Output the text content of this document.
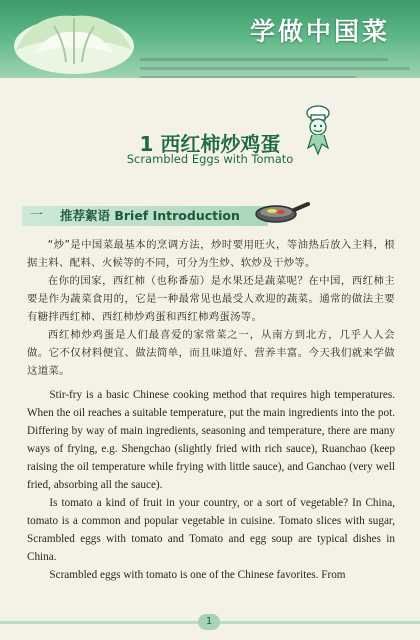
学做中国菜
1 西红柿炒鸡蛋
Scrambled Eggs with Tomato
一 推荐絮语 Brief Introduction

“炒”是中国菜最基本的烹调方法，炒时要用旺火，等油热后放入主料，根据主料、配料、火候等的不同，可分为生炒、软炒及干炒等。

在你的国家，西红柿（也称番茄）是水果还是蔬菜呢？在中国，西红柿主要是作为蔬菜食用的，它是一种最常见也最受人欢迎的蔬菜。通常的做法主要有糖拌西红柿、西红柿炒鸡蛋和西红柿鸡蛋汤等。

西红柿炒鸡蛋是人们最喜爱的家常菜之一，从南方到北方，几乎人人会做。它不仅材料便宜、做法简单，而且味道好、营养丰富。今天我们就来学做这道菜。

Stir-fry is a basic Chinese cooking method that requires high temperatures. When the oil reaches a suitable temperature, put the main ingredients into the pot. Differing by way of main ingredients, seasoning and temperature, there are many ways of frying, e.g. Shengchao (slightly fried with rich sauce), Ruanchao (keep raising the oil temperature while frying with little sauce), and Ganchao (very well fried, absorbing all the sauce).

Is tomato a kind of fruit in your country, or a sort of vegetable? In China, tomato is a common and popular vegetable in cuisine. Tomato slices with sugar, Scrambled eggs with tomato and Tomato and egg soup are typical dishes in China.

Scrambled eggs with tomato is one of the Chinese favorites. From

1
